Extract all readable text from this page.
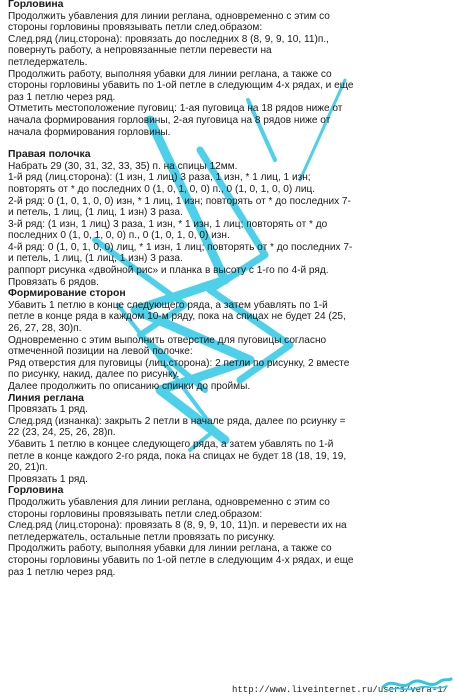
Горловина
Продолжить убавления для линии реглана, одновременно с этим со
стороны горловины провязывать петли след.образом:
След.ряд (лиц.сторона): провязать до последних 8 (8, 9, 9, 10, 11)п.,
повернуть работу, а непровязанные петли перевести на
петледержатель.
Продолжить работу, выполняя убавки для линии реглана, а также со
стороны горловины убавить по 1-ой петле в следующим 4-х рядах, и еще
раз 1 петлю через ряд.
Отметить местоположение пуговиц: 1-ая пуговица на 18 рядов ниже от
начала формирования горловины, 2-ая пуговица на 8 рядов ниже от
начала формирования горловины.
Правая полочка
Набрать 29 (30, 31, 32, 33, 35) п. на спицы 12мм.
1-й ряд (лиц.сторона): (1 изн, 1 лиц) 3 раза, 1 изн, * 1 лиц, 1 изн;
повторять от * до последних 0 (1, 0, 1, 0, 0) п., 0 (1, 0, 1, 0, 0) лиц.
2-й ряд: 0 (1, 0, 1, 0, 0) изн, * 1 лиц, 1 изн; повторять от * до последних 7-
и петель, 1 лиц, (1 лиц, 1 изн) 3 раза.
3-й ряд: (1 изн, 1 лиц) 3 раза, 1 изн, * 1 изн, 1 лиц; повторять от * до
последних 0 (1, 0, 1, 0, 0) п., 0 (1, 0, 1, 0, 0) изн.
4-й ряд: 0 (1, 0, 1, 0, 0) лиц, * 1 изн, 1 лиц; повторять от * до последних 7-
и петель, 1 лиц, (1 лиц, 1 изн) 3 раза.
раппорт рисунка «двойной рис» и планка в высоту с 1-го по 4-й ряд.
Провязать 6 рядов.
Формирование сторон
Убавить 1 петлю в конце следующего ряда, а затем убавлять по 1-й
петле в конце ряда в каждом 10-м ряду, пока на спицах не будет 24 (25,
26, 27, 28, 30)п.
Одновременно с этим выполнить отверстие для пуговицы согласно
отмеченной позиции на левой полочке:
Ряд отверстия для пуговицы (лиц.сторона): 2 петли по рисунку, 2 вместе
по рисунку, накид, далее по рисунку.
Далее продолжить по описанию спинки до проймы.
Линия реглана
Провязать 1 ряд.
След.ряд (изнанка): закрыть 2 петли в начале ряда, далее по рсиунку =
22 (23, 24, 25, 26, 28)п.
Убавить 1 петлю в концее следующего ряда, а затем убавлять по 1-й
петле в конце каждого 2-го ряда, пока на спицах не будет 18 (18, 19, 19,
20, 21)п.
Провязать 1 ряд.
Горловина
Продолжить убавления для линии реглана, одновременно с этим со
стороны горловины провязывать петли след.образом:
След.ряд (лиц.сторона): провязать 8 (8, 9, 9, 10, 11)п. и перевести их на
петледержатель, остальные петли провязать по рисунку.
Продолжить работу, выполняя убавки для линии реглана, а также со
стороны горловины убавить по 1-ой петле в следующим 4-х рядах, и еще
раз 1 петлю через ряд.
http://www.liveinternet.ru/users/vera-1/
